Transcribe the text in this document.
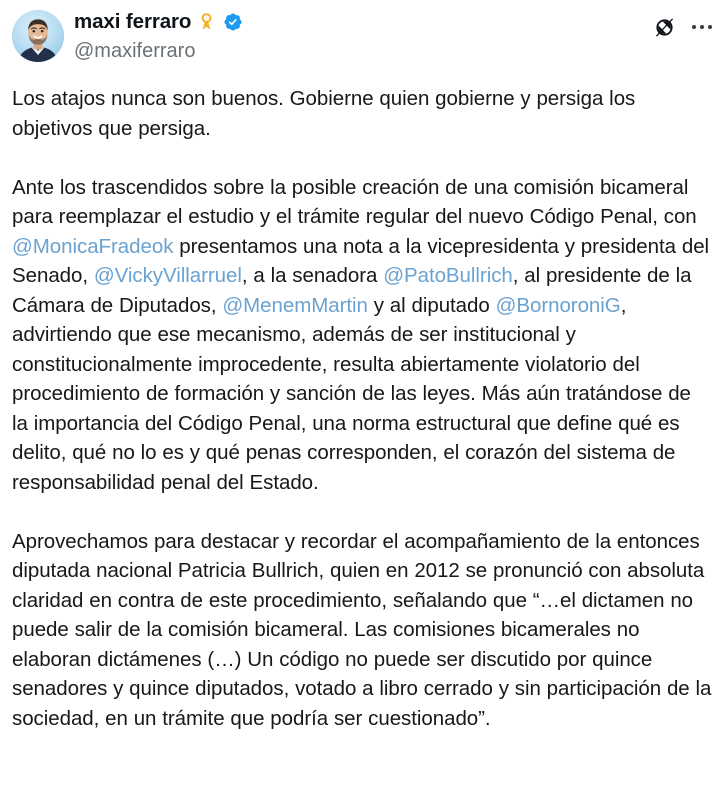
maxi ferraro
@maxiferraro

Los atajos nunca son buenos. Gobierne quien gobierne y persiga los objetivos que persiga.

Ante los trascendidos sobre la posible creación de una comisión bicameral para reemplazar el estudio y el trámite regular del nuevo Código Penal, con @MonicaFradeok presentamos una nota a la vicepresidenta y presidenta del Senado, @VickyVillarruel, a la senadora @PatoBullrich, al presidente de la Cámara de Diputados, @MenemMartin y al diputado @BornoroniG, advirtiendo que ese mecanismo, además de ser institucional y constitucionalmente improcedente, resulta abiertamente violatorio del procedimiento de formación y sanción de las leyes. Más aún tratándose de la importancia del Código Penal, una norma estructural que define qué es delito, qué no lo es y qué penas corresponden, el corazón del sistema de responsabilidad penal del Estado.

Aprovechamos para destacar y recordar el acompañamiento de la entonces diputada nacional Patricia Bullrich, quien en 2012 se pronunció con absoluta claridad en contra de este procedimiento, señalando que “…el dictamen no puede salir de la comisión bicameral. Las comisiones bicamerales no elaboran dictámenes (…) Un código no puede ser discutido por quince senadores y quince diputados, votado a libro cerrado y sin participación de la sociedad, en un trámite que podría ser cuestionado”.
